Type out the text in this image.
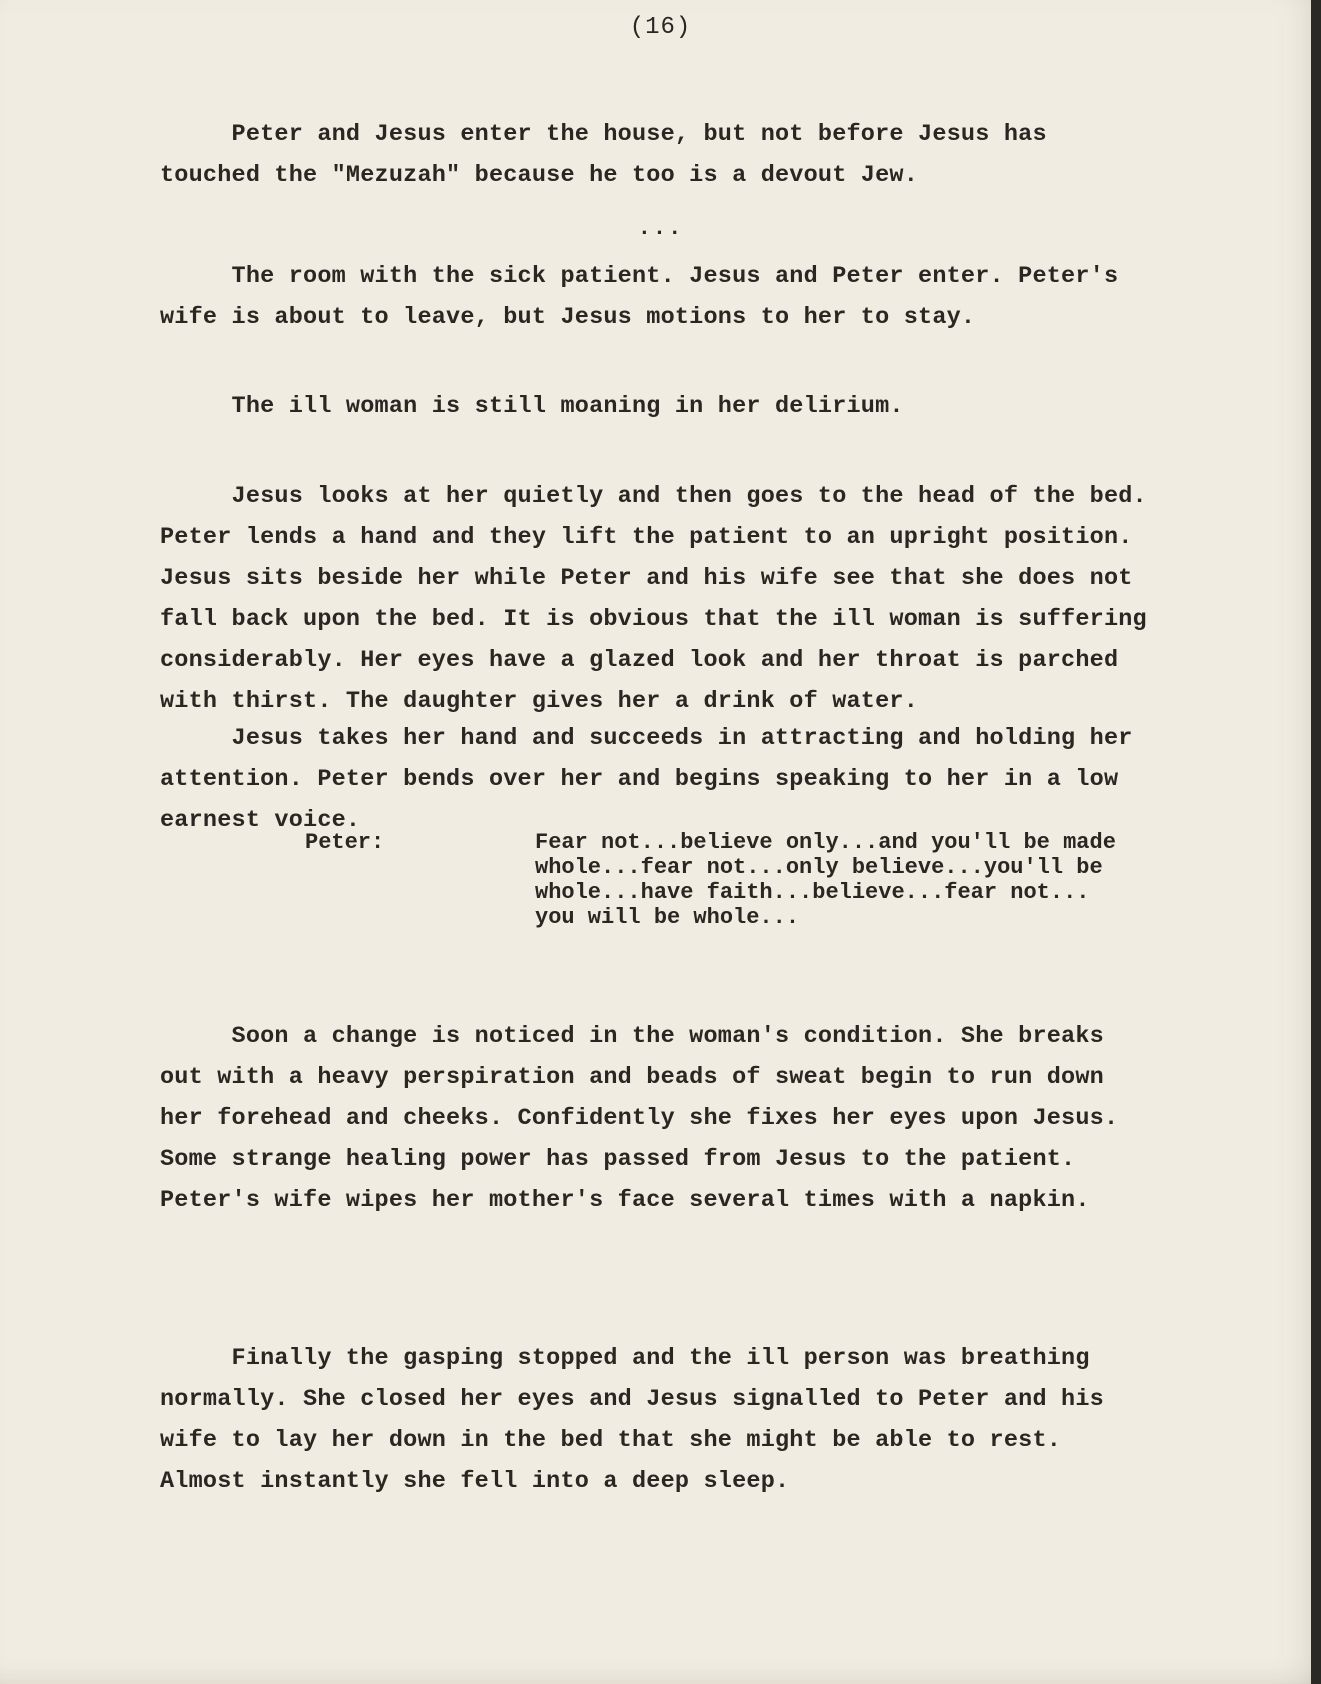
(16)

Peter and Jesus enter the house, but not before Jesus has
touched the "Mezuzah" because he too is a devout Jew.

...

The room with the sick patient. Jesus and Peter enter. Peter's
wife is about to leave, but Jesus motions to her to stay.

The ill woman is still moaning in her delirium.

Jesus looks at her quietly and then goes to the head of the bed.
Peter lends a hand and they lift the patient to an upright position.
Jesus sits beside her while Peter and his wife see that she does not
fall back upon the bed. It is obvious that the ill woman is suffering
considerably. Her eyes have a glazed look and her throat is parched
with thirst. The daughter gives her a drink of water.

Jesus takes her hand and succeeds in attracting and holding her
attention. Peter bends over her and begins speaking to her in a low
earnest voice.

Peter:	Fear not...believe only...and you'll be made
whole...fear not...only believe...you'll be
whole...have faith...believe...fear not...
you will be whole...

Soon a change is noticed in the woman's condition. She breaks
out with a heavy perspiration and beads of sweat begin to run down
her forehead and cheeks. Confidently she fixes her eyes upon Jesus.
Some strange healing power has passed from Jesus to the patient.
Peter's wife wipes her mother's face several times with a napkin.

Finally the gasping stopped and the ill person was breathing
normally. She closed her eyes and Jesus signalled to Peter and his
wife to lay her down in the bed that she might be able to rest.
Almost instantly she fell into a deep sleep.
